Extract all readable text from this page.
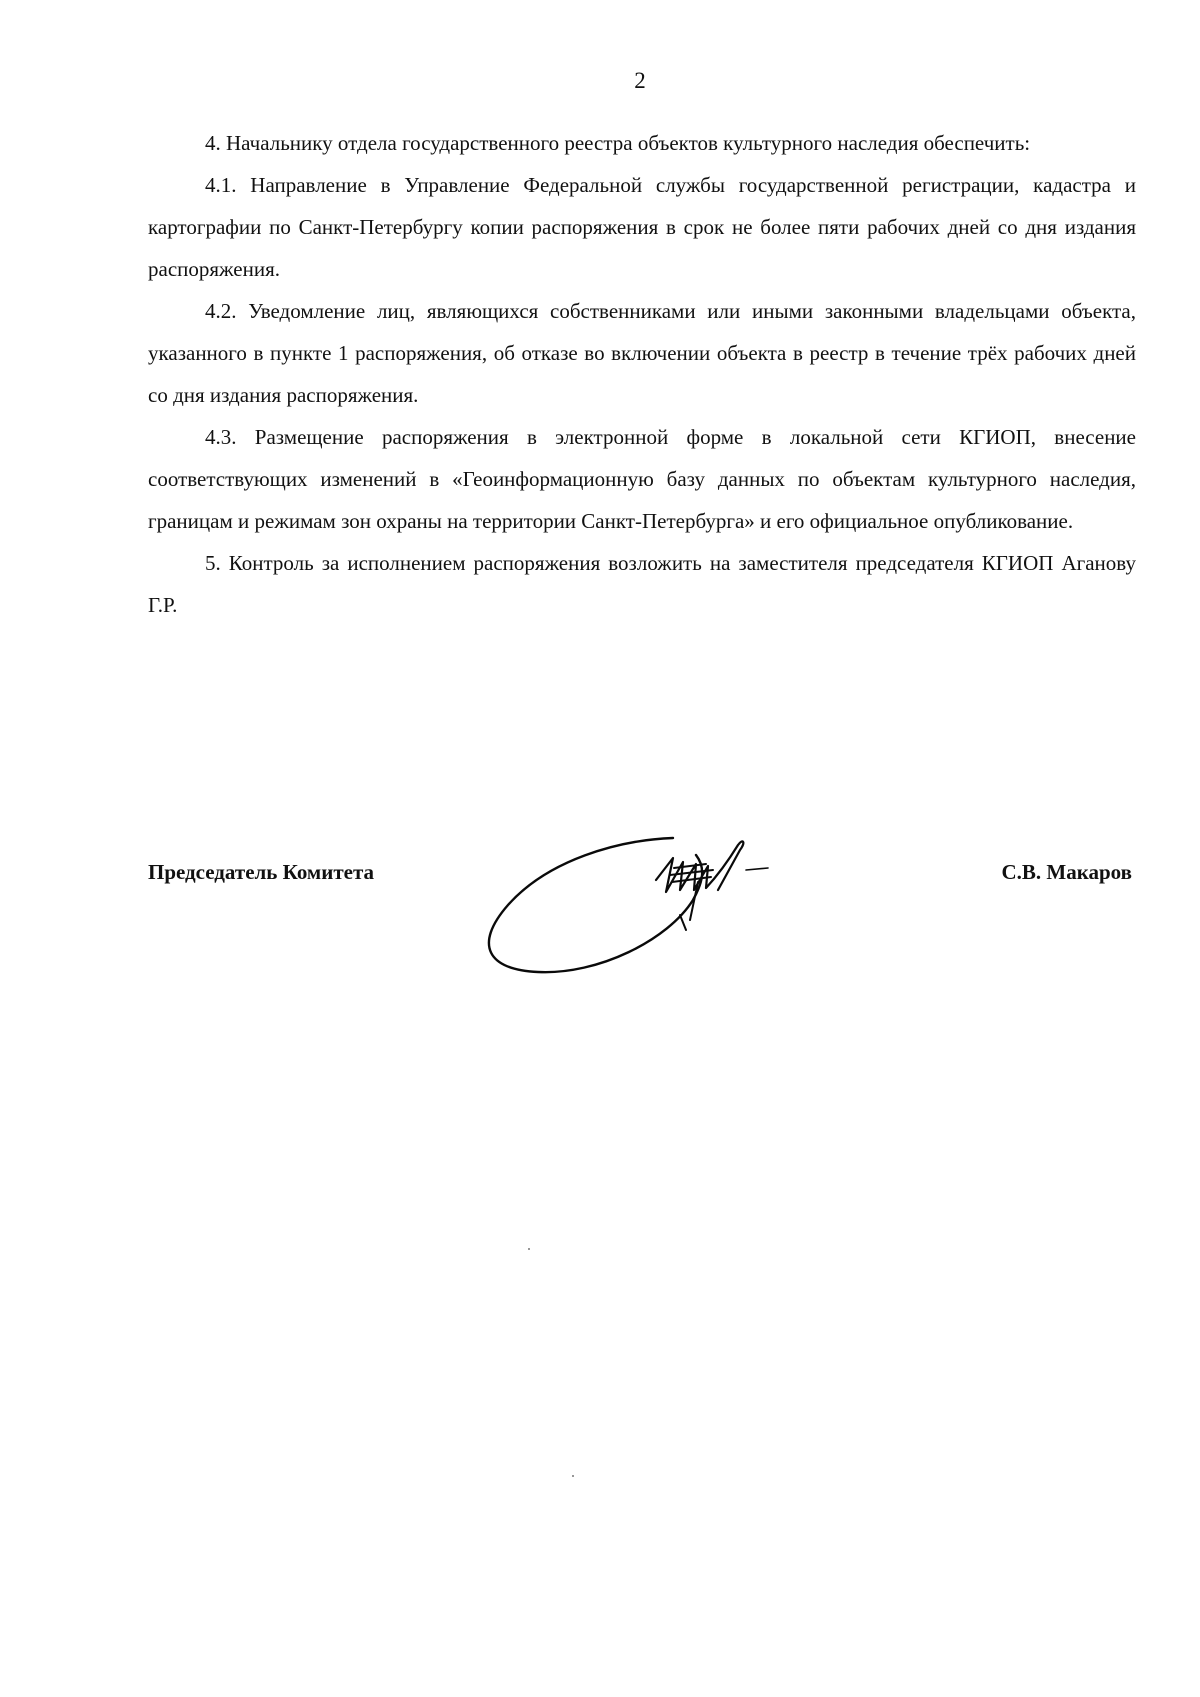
2

4. Начальнику отдела государственного реестра объектов культурного наследия обеспечить:

4.1. Направление в Управление Федеральной службы государственной регистрации, кадастра и картографии по Санкт-Петербургу копии распоряжения в срок не более пяти рабочих дней со дня издания распоряжения.

4.2. Уведомление лиц, являющихся собственниками или иными законными владельцами объекта, указанного в пункте 1 распоряжения, об отказе во включении объекта в реестр в течение трёх рабочих дней со дня издания распоряжения.

4.3. Размещение распоряжения в электронной форме в локальной сети КГИОП, внесение соответствующих изменений в «Геоинформационную базу данных по объектам культурного наследия, границам и режимам зон охраны на территории Санкт-Петербурга» и его официальное опубликование.

5. Контроль за исполнением распоряжения возложить на заместителя председателя КГИОП Аганову Г.Р.

Председатель Комитета	С.В. Макаров
